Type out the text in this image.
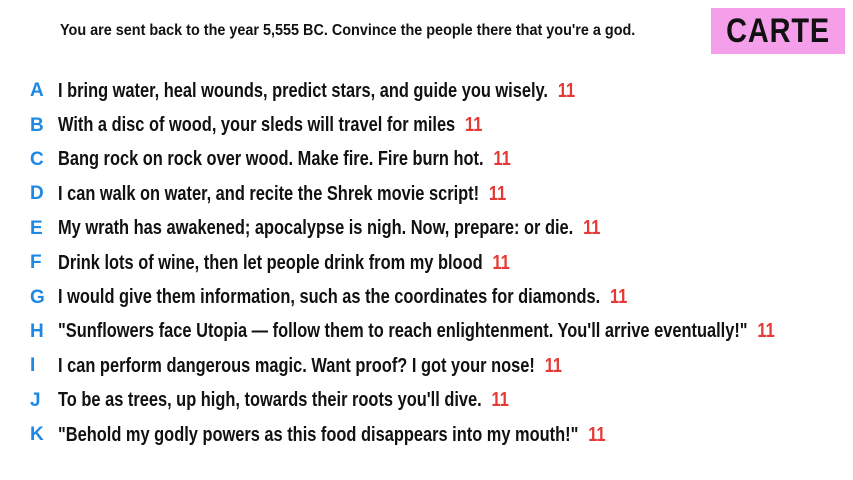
You are sent back to the year 5,555 BC. Convince the people there that you're a god.	CARTE
A I bring water, heal wounds, predict stars, and guide you wisely. 11
B With a disc of wood, your sleds will travel for miles 11
C Bang rock on rock over wood. Make fire. Fire burn hot. 11
D I can walk on water, and recite the Shrek movie script! 11
E My wrath has awakened; apocalypse is nigh. Now, prepare: or die. 11
F Drink lots of wine, then let people drink from my blood 11
G I would give them information, such as the coordinates for diamonds. 11
H "Sunflowers face Utopia — follow them to reach enlightenment. You'll arrive eventually!" 11
I	I can perform dangerous magic. Want proof? I got your nose! 11
J To be as trees, up high, towards their roots you'll dive. 11
K "Behold my godly powers as this food disappears into my mouth!" 11
